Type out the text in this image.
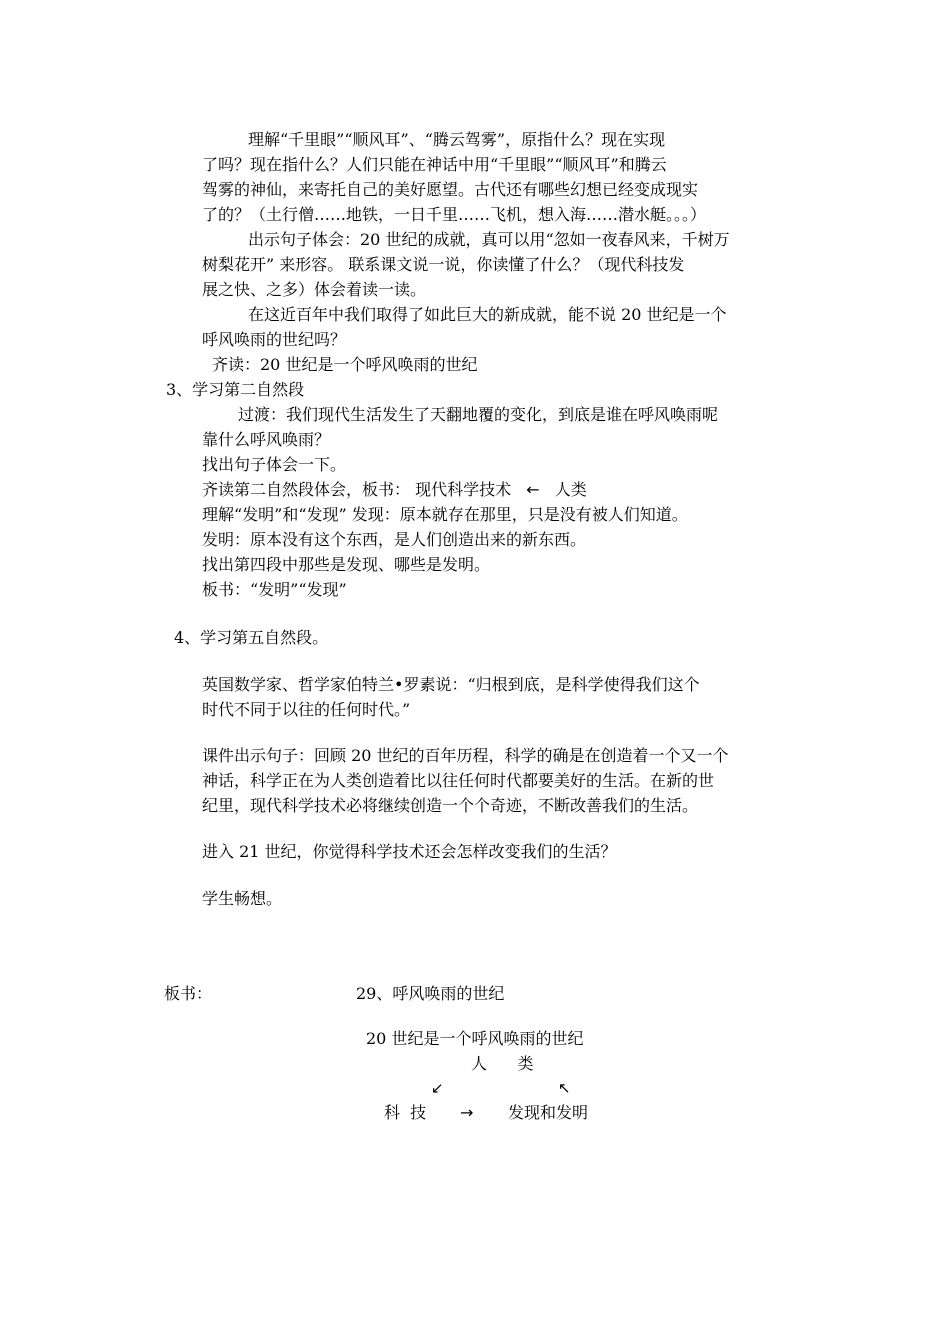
理解“千里眼”“顺风耳”、“腾云驾雾”，原指什么？现在实现
了吗？现在指什么？人们只能在神话中用“千里眼”“顺风耳”和腾云
驾雾的神仙，来寄托自己的美好愿望。古代还有哪些幻想已经变成现实
了的？（土行僧……地铁，一日千里……飞机，想入海……潜水艇。。。）
出示句子体会：20 世纪的成就，真可以用“忽如一夜春风来，千树万
树梨花开” 来形容。 联系课文说一说，你读懂了什么？（现代科技发
展之快、之多）体会着读一读。
在这近百年中我们取得了如此巨大的新成就，能不说 20 世纪是一个
呼风唤雨的世纪吗？
齐读：20 世纪是一个呼风唤雨的世纪
3、学习第二自然段
过渡：我们现代生活发生了天翻地覆的变化，到底是谁在呼风唤雨呢
靠什么呼风唤雨？
找出句子体会一下。
齐读第二自然段体会，板书： 现代科学技术 ← 人类
理解“发明”和“发现” 发现：原本就存在那里，只是没有被人们知道。
发明：原本没有这个东西，是人们创造出来的新东西。
找出第四段中那些是发现、哪些是发明。
板书：“发明”“发现”
4、学习第五自然段。
英国数学家、哲学家伯特兰•罗素说：“归根到底，是科学使得我们这个
时代不同于以往的任何时代。”
课件出示句子：回顾 20 世纪的百年历程，科学的确是在创造着一个又一个
神话，科学正在为人类创造着比以往任何时代都要美好的生活。在新的世
纪里，现代科学技术必将继续创造一个个奇迹，不断改善我们的生活。
进入 21 世纪，你觉得科学技术还会怎样改变我们的生活？
学生畅想。
板书：	29、呼风唤雨的世纪
20 世纪是一个呼风唤雨的世纪
人      类
↙	↖
科  技 → 发现和发明
